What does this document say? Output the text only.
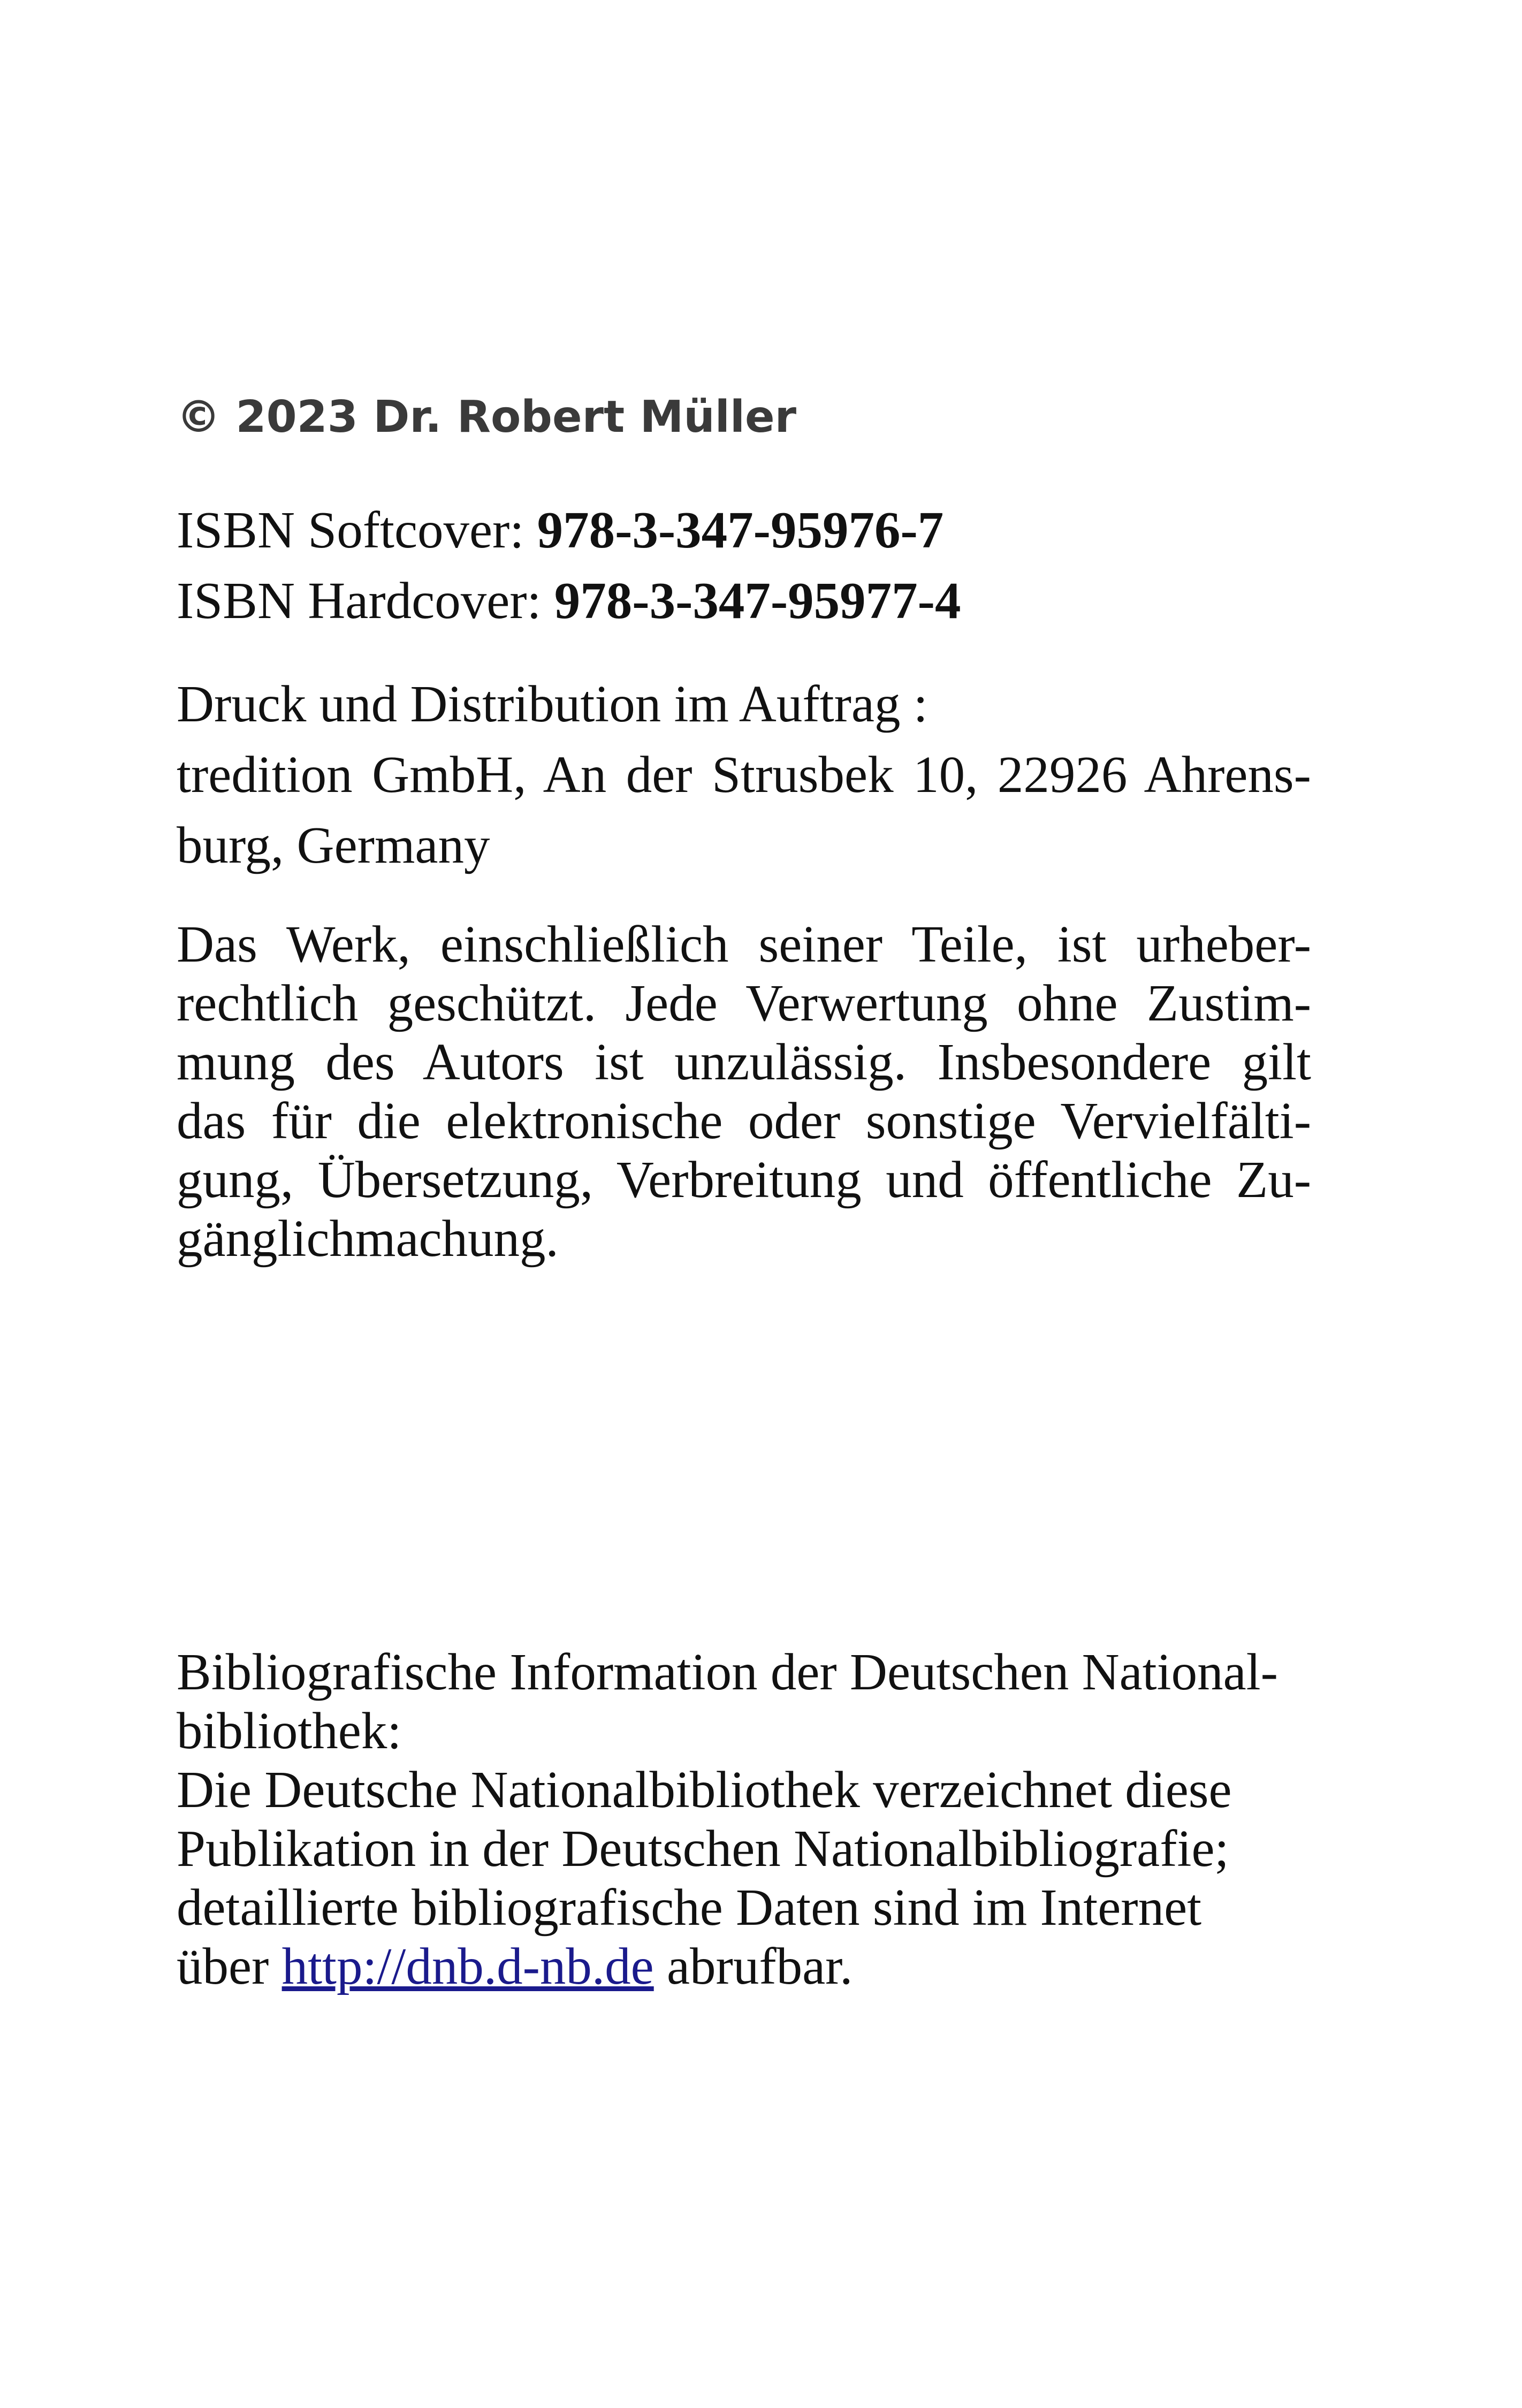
© 2023 Dr. Robert Müller

ISBN Softcover: 978-3-347-95976-7

ISBN Hardcover: 978-3-347-95977-4

Druck und Distribution im Auftrag :

tredition GmbH, An der Strusbek 10, 22926 Ahrens-

burg, Germany

Das Werk, einschließlich seiner Teile, ist urheber-

rechtlich geschützt. Jede Verwertung ohne Zustim-

mung des Autors ist unzulässig. Insbesondere gilt

das für die elektronische oder sonstige Vervielfälti-

gung, Übersetzung, Verbreitung und öffentliche Zu-

gänglichmachung.

Bibliografische Information der Deutschen National-

bibliothek:

Die Deutsche Nationalbibliothek verzeichnet diese

Publikation in der Deutschen Nationalbibliografie;

detaillierte bibliografische Daten sind im Internet

über http://dnb.d-nb.de abrufbar.
